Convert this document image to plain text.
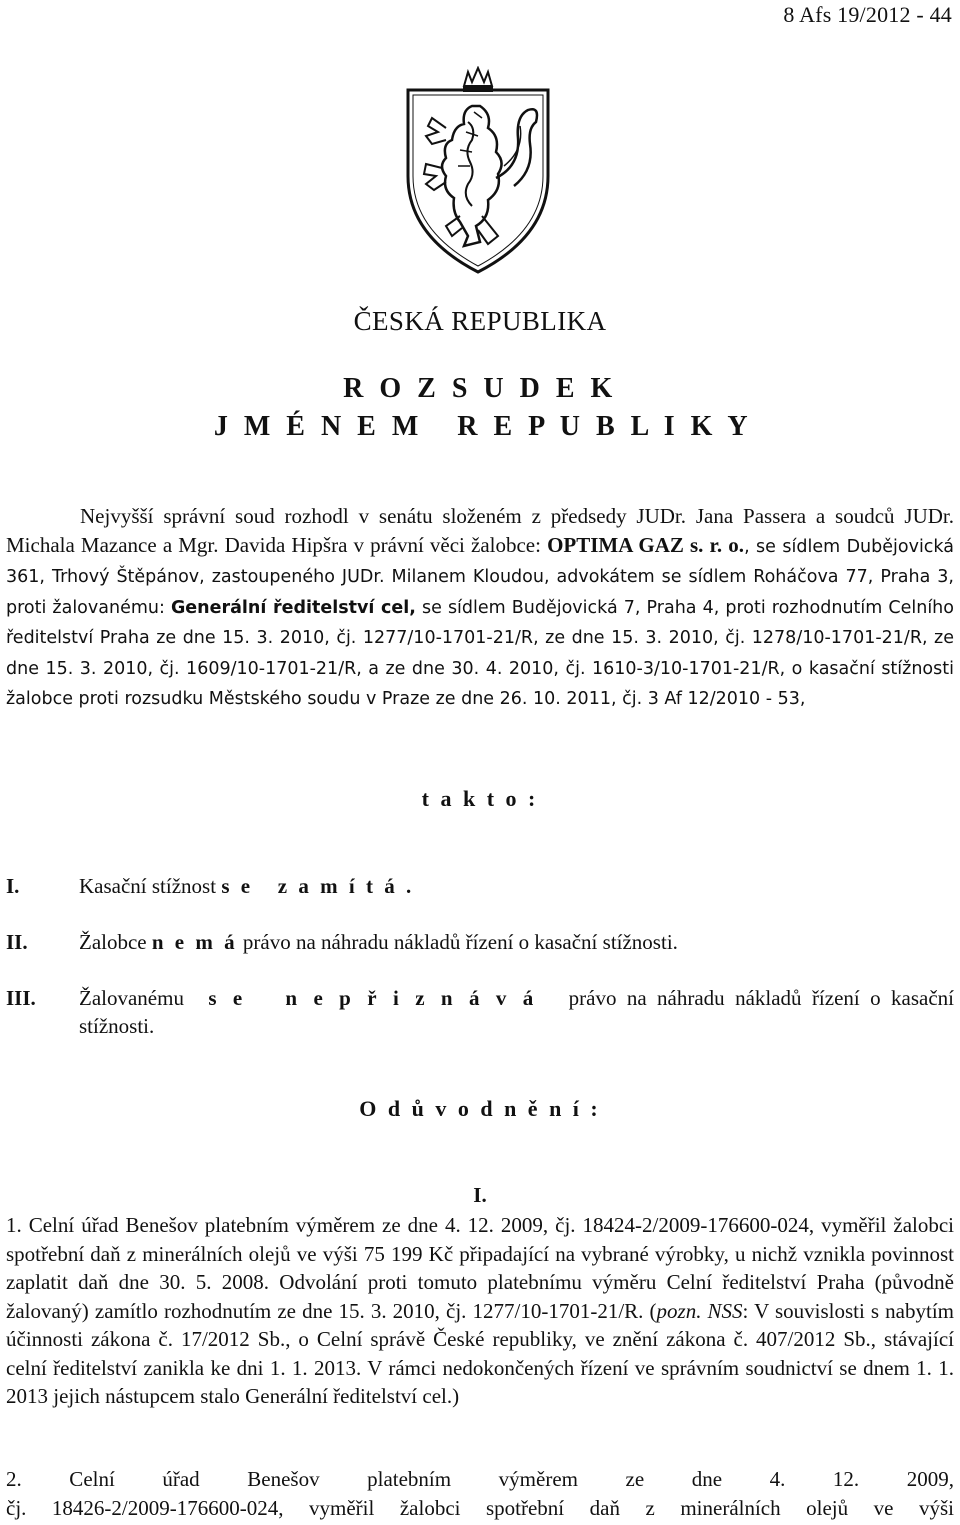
8 Afs 19/2012 - 44
ČESKÁ REPUBLIKA
R O Z S U D E K
J M É N E M   R E P U B L I K Y

Nejvyšší správní soud rozhodl v senátu složeném z předsedy JUDr. Jana Passera a soudců JUDr. Michala Mazance a Mgr. Davida Hipšra v právní věci žalobce: OPTIMA GAZ s. r. o., se sídlem Dubějovická 361, Trhový Štěpánov, zastoupeného JUDr. Milanem Kloudou, advokátem se sídlem Roháčova 77, Praha 3, proti žalovanému: Generální ředitelství cel, se sídlem Budějovická 7, Praha 4, proti rozhodnutím Celního ředitelství Praha ze dne 15. 3. 2010, čj. 1277/10-1701-21/R, ze dne 15. 3. 2010, čj. 1278/10-1701-21/R, ze dne 15. 3. 2010, čj. 1609/10-1701-21/R, a ze dne 30. 4. 2010, čj. 1610-3/10-1701-21/R, o kasační stížnosti žalobce proti rozsudku Městského soudu v Praze ze dne 26. 10. 2011, čj. 3 Af 12/2010 - 53,

t a k t o :
I.	Kasační stížnost s e   z a m í t á .
II. Žalobce n e m á právo na náhradu nákladů řízení o kasační stížnosti.
III. Žalovanému s e   n e p ř i z n á v á právo na náhradu nákladů řízení o kasační
stížnosti.
O d ů v o d n ě n í :
I.

1. Celní úřad Benešov platebním výměrem ze dne 4. 12. 2009, čj. 18424-2/2009-176600-024, vyměřil žalobci spotřební daň z minerálních olejů ve výši 75 199 Kč připadající na vybrané výrobky, u nichž vznikla povinnost zaplatit daň dne 30. 5. 2008. Odvolání proti tomuto platebnímu výměru Celní ředitelství Praha (původně žalovaný) zamítlo rozhodnutím ze dne 15. 3. 2010, čj. 1277/10-1701-21/R. (pozn. NSS: V souvislosti s nabytím účinnosti zákona č. 17/2012 Sb., o Celní správě České republiky, ve znění zákona č. 407/2012 Sb., stávající celní ředitelství zanikla ke dni 1. 1. 2013. V rámci nedokončených řízení ve správním soudnictví se dnem 1. 1. 2013 jejich nástupcem stalo Generální ředitelství cel.)

2. Celní úřad Benešov platebním výměrem ze dne 4. 12. 2009,

čj. 18426-2/2009-176600-024, vyměřil žalobci spotřební daň z minerálních olejů ve výši
